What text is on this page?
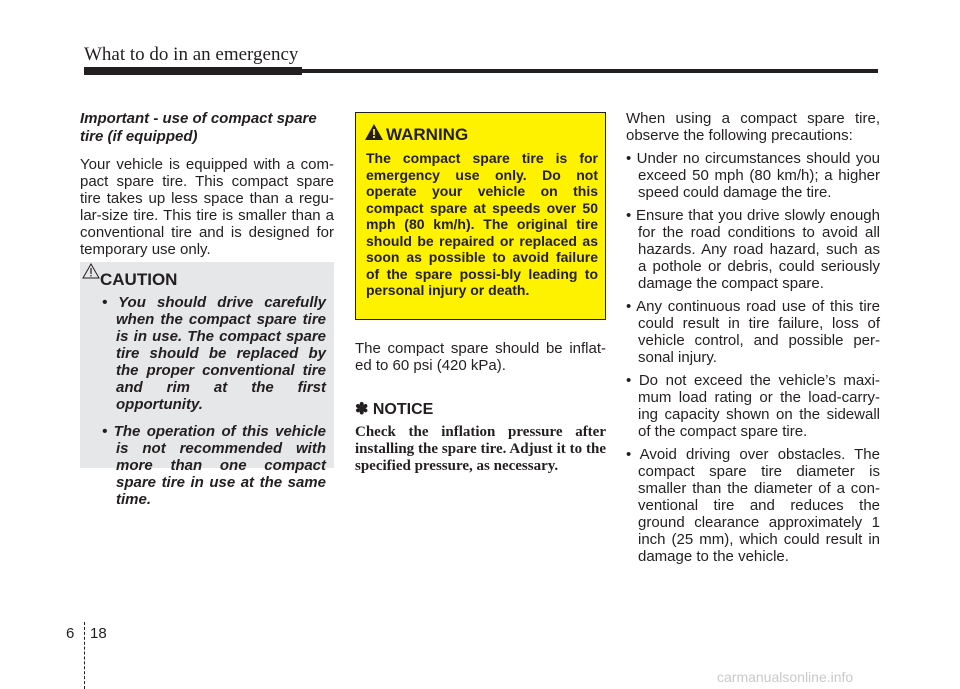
What to do in an emergency

Important - use of compact spare tire (if equipped)

Your vehicle is equipped with a com-pact spare tire. This compact spare tire takes up less space than a regu-lar-size tire. This tire is smaller than a conventional tire and is designed for temporary use only.

CAUTION

• You should drive carefully when the compact spare tire is in use. The compact spare tire should be replaced by the proper conventional tire and rim at the first opportunity.

• The operation of this vehicle is not recommended with more than one compact spare tire in use at the same time.

WARNING

The compact spare tire is for emergency use only. Do not operate your vehicle on this compact spare at speeds over 50 mph (80 km/h). The original tire should be repaired or replaced as soon as possible to avoid failure of the spare possi-bly leading to personal injury or death.

The compact spare should be inflat-ed to 60 psi (420 kPa).

✽ NOTICE

Check the inflation pressure after installing the spare tire. Adjust it to the specified pressure, as necessary.

When using a compact spare tire, observe the following precautions:

• Under no circumstances should you exceed 50 mph (80 km/h); a higher speed could damage the tire.

• Ensure that you drive slowly enough for the road conditions to avoid all hazards. Any road hazard, such as a pothole or debris, could seriously damage the compact spare.

• Any continuous road use of this tire could result in tire failure, loss of vehicle control, and possible per-sonal injury.

• Do not exceed the vehicle’s maxi-mum load rating or the load-carry-ing capacity shown on the sidewall of the compact spare tire.

• Avoid driving over obstacles. The compact spare tire diameter is smaller than the diameter of a con-ventional tire and reduces the ground clearance approximately 1 inch (25 mm), which could result in damage to the vehicle.

6 18
carmanualsonline.info
